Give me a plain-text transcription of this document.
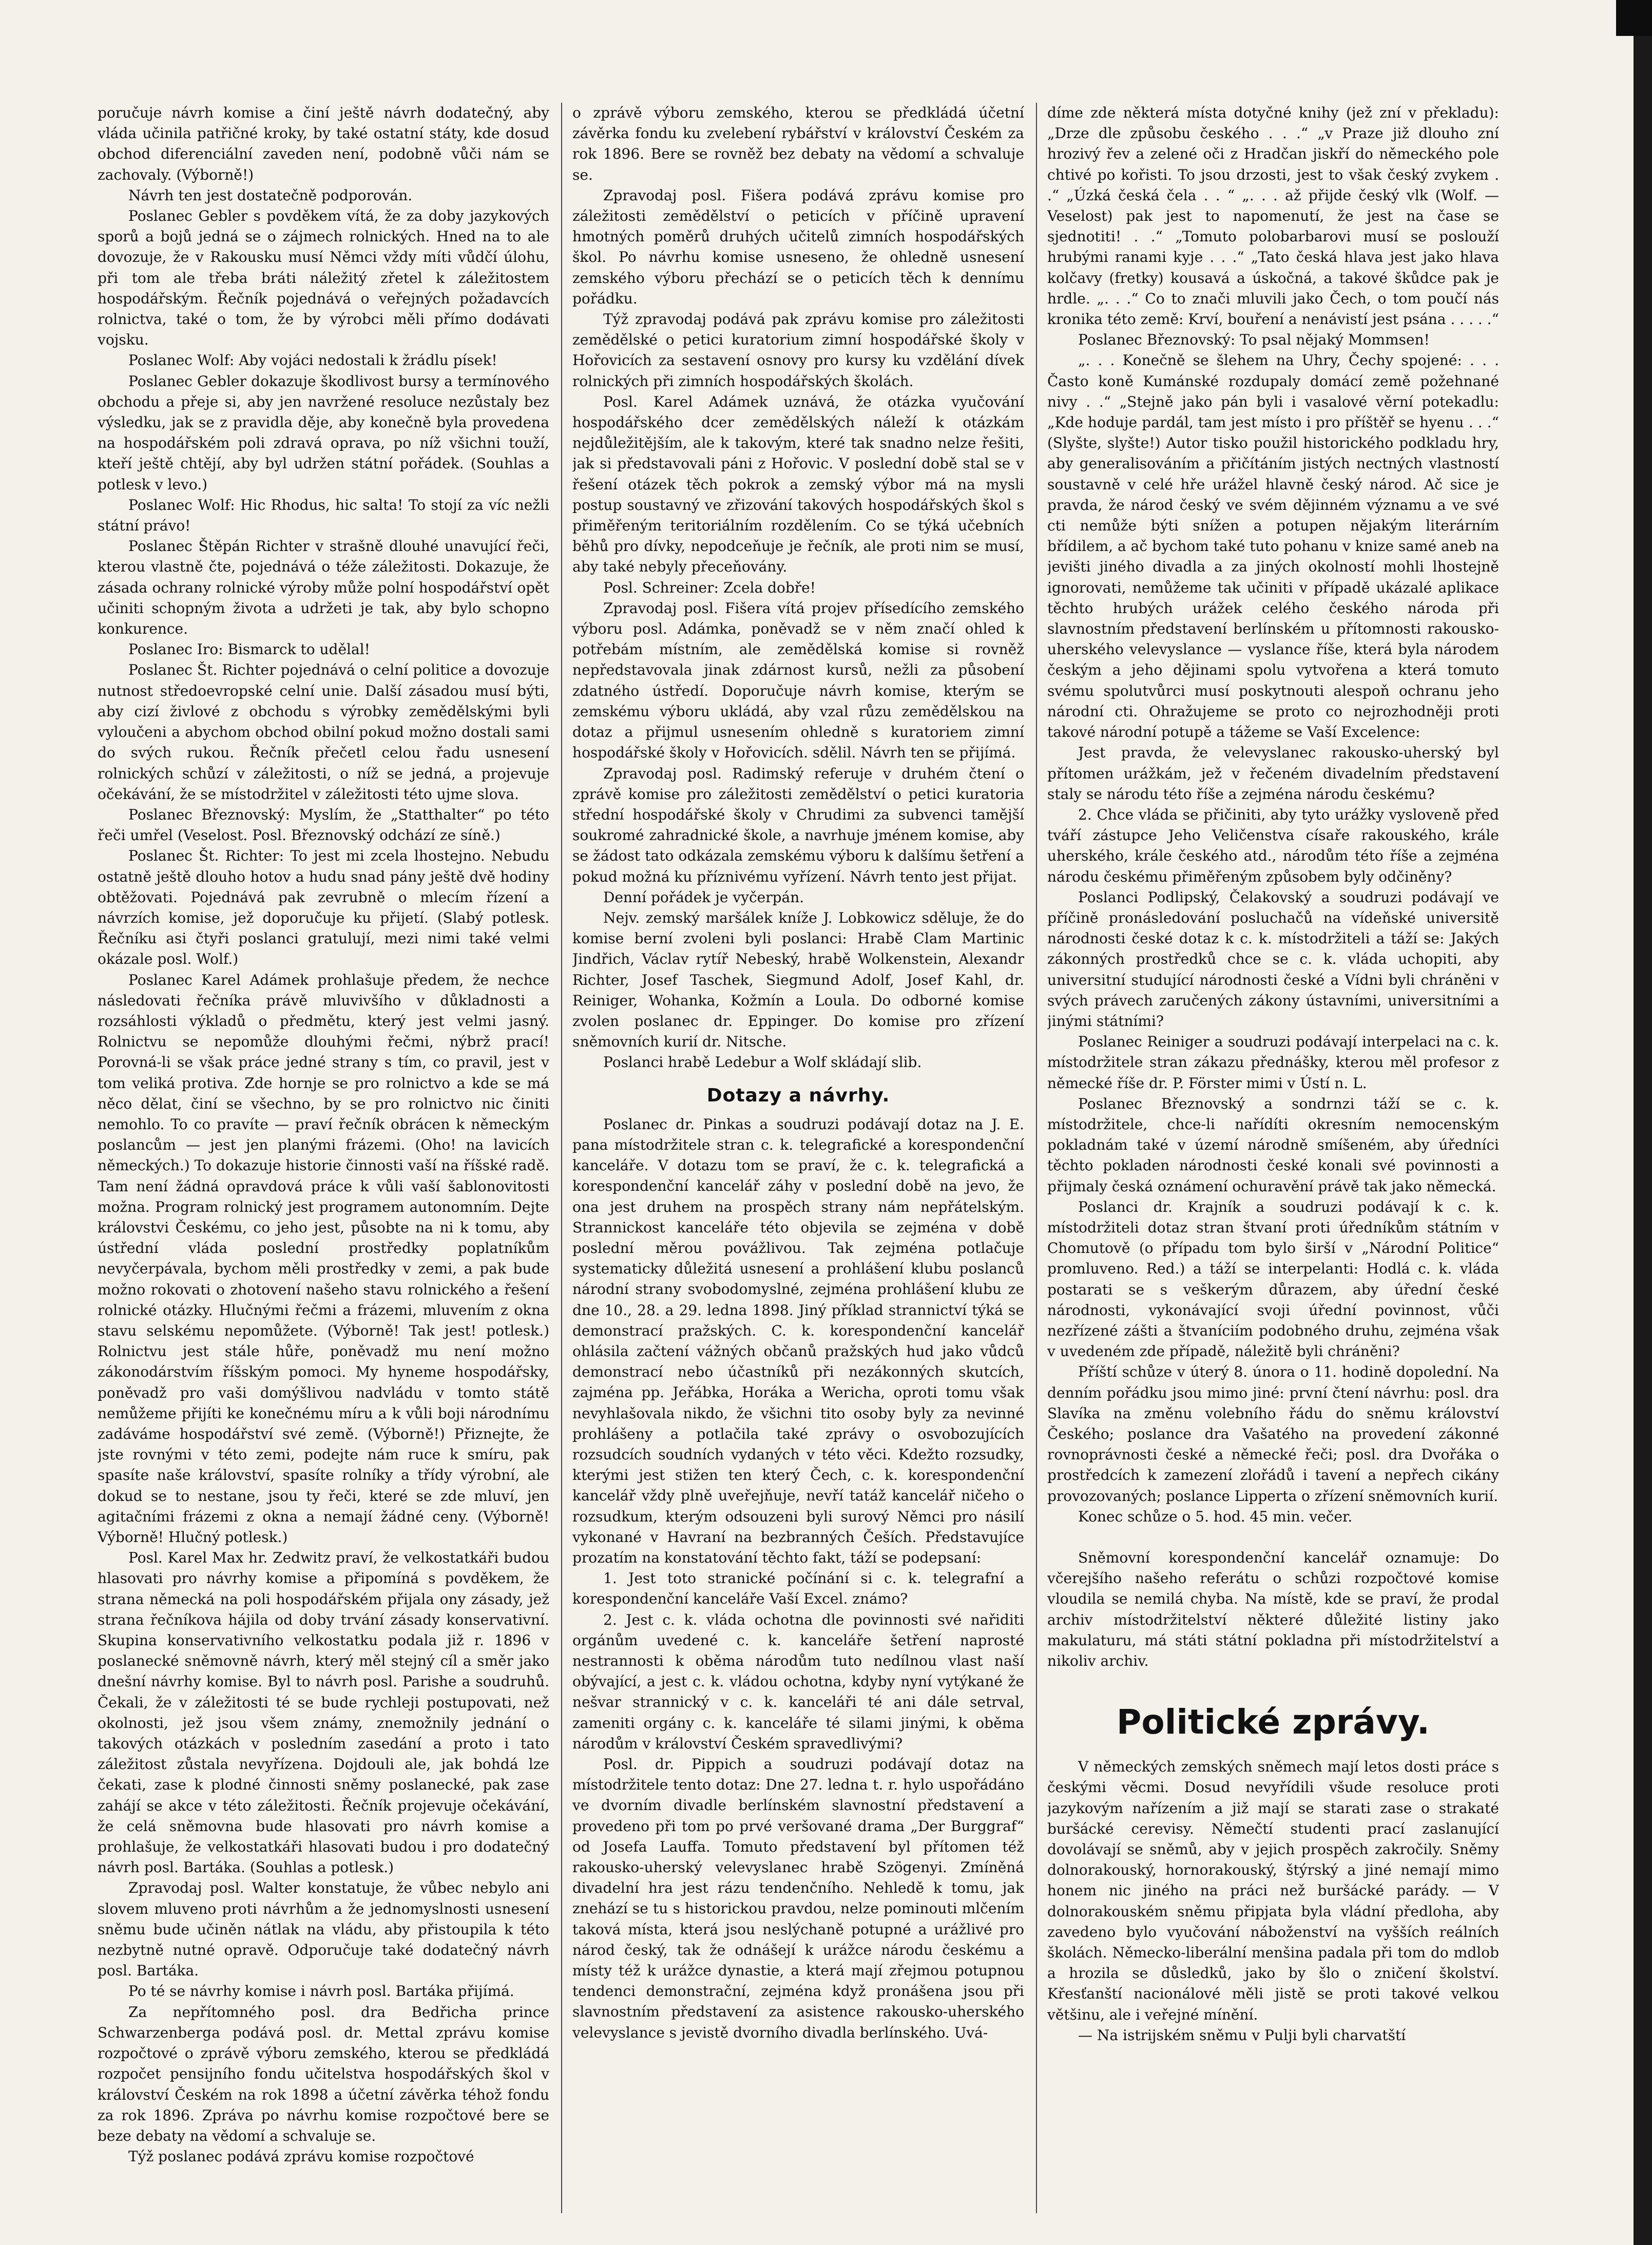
poručuje návrh komise a činí ještě návrh dodatečný, aby vláda učinila patřičné kroky, by také ostatní státy, kde dosud obchod diferenciální zaveden není, podobně vůči nám se zachovaly. (Výborně!)

Návrh ten jest dostatečně podporován.

Poslanec Gebler s povděkem vítá, že za doby jazykových sporů a bojů jedná se o zájmech rolnických. Hned na to ale dovozuje, že v Rakousku musí Němci vždy míti vůdčí úlohu, při tom ale třeba bráti náležitý zřetel k záležitostem hospodářským. Řečník pojednává o veřejných požadavcích rolnictva, také o tom, že by výrobci měli přímo dodávati vojsku.

Poslanec Wolf: Aby vojáci nedostali k žrádlu písek!

Poslanec Gebler dokazuje škodlivost bursy a termínového obchodu a přeje si, aby jen navržené resoluce nezůstaly bez výsledku, jak se z pravidla děje, aby konečně byla provedena na hospodářském poli zdravá oprava, po níž všichni touží, kteří ještě chtějí, aby byl udržen státní pořádek. (Souhlas a potlesk v levo.)

Poslanec Wolf: Hic Rhodus, hic salta! To stojí za víc nežli státní právo!

Poslanec Štěpán Richter v strašně dlouhé unavující řeči, kterou vlastně čte, pojednává o téže záležitosti. Dokazuje, že zásada ochrany rolnické výroby může polní hospodářství opět učiniti schopným života a udržeti je tak, aby bylo schopno konkurence.

Poslanec Iro: Bismarck to udělal!

Poslanec Št. Richter pojednává o celní politice a dovozuje nutnost středoevropské celní unie. Další zásadou musí býti, aby cizí živlové z obchodu s výrobky zemědělskými byli vyloučeni a abychom obchod obilní pokud možno dostali sami do svých rukou. Řečník přečetl celou řadu usnesení rolnických schůzí v záležitosti, o níž se jedná, a projevuje očekávání, že se místodržitel v záležitosti této ujme slova.

Poslanec Březnovský: Myslím, že „Statthalter“ po této řeči umřel (Veselost. Posl. Březnovský odchází ze síně.)

Poslanec Št. Richter: To jest mi zcela lhostejno. Nebudu ostatně ještě dlouho hotov a hudu snad pány ještě dvě hodiny obtěžovati. Pojednává pak zevrubně o mlecím řízení a návrzích komise, jež doporučuje ku přijetí. (Slabý potlesk. Řečníku asi čtyři poslanci gratulují, mezi nimi také velmi okázale posl. Wolf.)

Poslanec Karel Adámek prohlašuje předem, že nechce následovati řečníka právě mluvivšího v důkladnosti a rozsáhlosti výkladů o předmětu, který jest velmi jasný. Rolnictvu se nepomůže dlouhými řečmi, nýbrž prací! Porovná-li se však práce jedné strany s tím, co pravil, jest v tom veliká protiva. Zde hornje se pro rolnictvo a kde se má něco dělat, činí se všechno, by se pro rolnictvo nic činiti nemohlo. To co pravíte — praví řečník obrácen k německým poslancům — jest jen planými frázemi. (Oho! na lavicích německých.) To dokazuje historie činnosti vaší na říšské radě. Tam není žádná opravdová práce k vůli vaší šablonovitosti možna. Program rolnický jest programem autonomním. Dejte královstvi Českému, co jeho jest, působte na ni k tomu, aby ústřední vláda poslední prostředky poplatníkům nevyčerpávala, bychom měli prostředky v zemi, a pak bude možno rokovati o zhotovení našeho stavu rolnického a řešení rolnické otázky. Hlučnými řečmi a frázemi, mluvením z okna stavu selskému nepomůžete. (Výborně! Tak jest! potlesk.) Rolnictvu jest stále hůře, poněvadž mu není možno zákonodárstvím říšským pomoci. My hyneme hospodářsky, poněvadž pro vaši domýšlivou nadvládu v tomto státě nemůžeme přijíti ke konečnému míru a k vůli boji národnímu zadáváme hospodářství své země. (Výborně!) Přiznejte, že jste rovnými v této zemi, podejte nám ruce k smíru, pak spasíte naše království, spasíte rolníky a třídy výrobní, ale dokud se to nestane, jsou ty řeči, které se zde mluví, jen agitačními frázemi z okna a nemají žádné ceny. (Výborně! Výborně! Hlučný potlesk.)

Posl. Karel Max hr. Zedwitz praví, že velkostatkáři budou hlasovati pro návrhy komise a připomíná s povděkem, že strana německá na poli hospodářském přijala ony zásady, jež strana řečníkova hájila od doby trvání zásady konservativní. Skupina konservativního velkostatku podala již r. 1896 v poslanecké sněmovně návrh, který měl stejný cíl a směr jako dnešní návrhy komise. Byl to návrh posl. Parishe a soudruhů. Čekali, že v záležitosti té se bude rychleji postupovati, než okolnosti, jež jsou všem známy, znemožnily jednání o takových otázkách v posledním zasedání a proto i tato záležitost zůstala nevyřízena. Dojdouli ale, jak bohdá lze čekati, zase k plodné činnosti sněmy poslanecké, pak zase zahájí se akce v této záležitosti. Řečník projevuje očekávání, že celá sněmovna bude hlasovati pro návrh komise a prohlašuje, že velkostatkáři hlasovati budou i pro dodatečný návrh posl. Bartáka. (Souhlas a potlesk.)

Zpravodaj posl. Walter konstatuje, že vůbec nebylo ani slovem mluveno proti návrhům a že jednomyslnosti usnesení sněmu bude učiněn nátlak na vládu, aby přistoupila k této nezbytně nutné opravě. Odporučuje také dodatečný návrh posl. Bartáka.

Po té se návrhy komise i návrh posl. Bartáka přijímá.

Za nepřítomného posl. dra Bedřicha prince Schwarzenberga podává posl. dr. Mettal zprávu komise rozpočtové o zprávě výboru zemského, kterou se předkládá rozpočet pensijního fondu učitelstva hospodářských škol v království Českém na rok 1898 a účetní závěrka téhož fondu za rok 1896. Zpráva po návrhu komise rozpočtové bere se beze debaty na vědomí a schvaluje se.

Týž poslanec podává zprávu komise rozpočtové

o zprávě výboru zemského, kterou se předkládá účetní závěrka fondu ku zvelebení rybářství v království Českém za rok 1896. Bere se rovněž bez debaty na vědomí a schvaluje se.

Zpravodaj posl. Fišera podává zprávu komise pro záležitosti zemědělství o peticích v příčině upravení hmotných poměrů druhých učitelů zimních hospodářských škol. Po návrhu komise usneseno, že ohledně usnesení zemského výboru přechází se o peticích těch k dennímu pořádku.

Týž zpravodaj podává pak zprávu komise pro záležitosti zemědělské o petici kuratorium zimní hospodářské školy v Hořovicích za sestavení osnovy pro kursy ku vzdělání dívek rolnických při zimních hospodářských školách.

Posl. Karel Adámek uznává, že otázka vyučování hospodářského dcer zemědělských náleží k otázkám nejdůležitějším, ale k takovým, které tak snadno nelze řešiti, jak si představovali páni z Hořovic. V poslední době stal se v řešení otázek těch pokrok a zemský výbor má na mysli postup soustavný ve zřizování takových hospodářských škol s přiměřeným teritoriálním rozdělením. Co se týká učebních běhů pro dívky, nepodceňuje je řečník, ale proti nim se musí, aby také nebyly přeceňovány.

Posl. Schreiner: Zcela dobře!

Zpravodaj posl. Fišera vítá projev přísedícího zemského výboru posl. Adámka, poněvadž se v něm značí ohled k potřebám místním, ale zemědělská komise si rovněž nepředstavovala jinak zdárnost kursů, nežli za působení zdatného ústředí. Doporučuje návrh komise, kterým se zemskému výboru ukládá, aby vzal růzu zemědělskou na dotaz a přijmul usnesením ohledně s kuratoriem zimní hospodářské školy v Hořovicích. sdělil. Návrh ten se přijímá.

Zpravodaj posl. Radimský referuje v druhém čtení o zprávě komise pro záležitosti zemědělství o petici kuratoria střední hospodářské školy v Chrudimi za subvenci tamější soukromé zahradnické škole, a navrhuje jménem komise, aby se žádost tato odkázala zemskému výboru k dalšímu šetření a pokud možná ku příznivému vyřízení. Návrh tento jest přijat.

Denní pořádek je vyčerpán.

Nejv. zemský maršálek kníže J. Lobkowicz sděluje, že do komise berní zvoleni byli poslanci: Hrabě Clam Martinic Jindřich, Václav rytíř Nebeský, hrabě Wolkenstein, Alexandr Richter, Josef Taschek, Siegmund Adolf, Josef Kahl, dr. Reiniger, Wohanka, Kožmín a Loula. Do odborné komise zvolen poslanec dr. Eppinger. Do komise pro zřízení sněmovních kurií dr. Nitsche.

Poslanci hrabě Ledebur a Wolf skládají slib.

Dotazy a návrhy.

Poslanec dr. Pinkas a soudruzi podávají dotaz na J. E. pana místodržitele stran c. k. telegrafické a korespondenční kanceláře. V dotazu tom se praví, že c. k. telegrafická a korespondenční kancelář záhy v poslední době na jevo, že ona jest druhem na prospěch strany nám nepřátelským. Strannickost kanceláře této objevila se zejména v době poslední měrou povážlivou. Tak zejména potlačuje systematicky důležitá usnesení a prohlášení klubu poslanců národní strany svobodomyslné, zejména prohlášení klubu ze dne 10., 28. a 29. ledna 1898. Jiný příklad strannictví týká se demonstrací pražských. C. k. korespondenční kancelář ohlásila začtení vážných občanů pražských hud jako vůdců demonstrací nebo účastníků při nezákonných skutcích, zajména pp. Jeřábka, Horáka a Wericha, oproti tomu však nevyhlašovala nikdo, že všichni tito osoby byly za nevinné prohlášeny a potlačila také zprávy o osvobozujících rozsudcích soudních vydaných v této věci. Kdežto rozsudky, kterými jest stižen ten který Čech, c. k. korespondenční kancelář vždy plně uveřejňuje, nevří tatáž kancelář ničeho o rozsudkum, kterým odsouzeni byli surový Němci pro násilí vykonané v Havraní na bezbranných Češích. Představujíce prozatím na konstatování těchto fakt, táží se podepsaní:

1. Jest toto stranické počínání si c. k. telegrafní a korespondenční kanceláře Vaší Excel. známo?

2. Jest c. k. vláda ochotna dle povinnosti své nařiditi orgánům uvedené c. k. kanceláře šetření naprosté nestrannosti k oběma národům tuto nedílnou vlast naší obývající, a jest c. k. vládou ochotna, kdyby nyní vytýkané že nešvar strannický v c. k. kanceláři té ani dále setrval, zameniti orgány c. k. kanceláře té silami jinými, k oběma národům v království Českém spravedlivými?

Posl. dr. Pippich a soudruzi podávají dotaz na místodržitele tento dotaz: Dne 27. ledna t. r. hylo uspořádáno ve dvorním divadle berlínském slavnostní představení a provedeno při tom po prvé veršované drama „Der Burggraf“ od Josefa Lauffa. Tomuto představení byl přítomen též rakousko-uherský velevyslanec hrabě Szögenyi. Zmíněná divadelní hra jest rázu tendenčního. Nehledě k tomu, jak znehází se tu s historickou pravdou, nelze pominouti mlčením taková místa, která jsou neslýchaně potupné a urážlivé pro národ český, tak že odnášejí k urážce národu českému a místy též k urážce dynastie, a která mají zřejmou potupnou tendenci demonstrační, zejména když pronášena jsou při slavnostním představení za asistence rakousko-uherského velevyslance s jevistě dvorního divadla berlínského. Uvá-

díme zde některá místa dotyčné knihy (jež zní v překladu): „Drze dle způsobu českého . . .“ „v Praze již dlouho zní hrozivý řev a zelené oči z Hradčan jiskří do německého pole chtivé po kořisti. To jsou drzosti, jest to však český zvykem . .“ „Úzká česká čela . . “ „. . . až přijde český vlk (Wolf. — Veselost) pak jest to napomenutí, že jest na čase se sjednotiti! . .“ „Tomuto polobarbarovi musí se poslouží hrubými ranami kyje . . .“ „Tato česká hlava jest jako hlava kolčavy (fretky) kousavá a úskočná, a takové škůdce pak je hrdle. „. . .“ Co to znači mluvili jako Čech, o tom poučí nás kronika této země: Krví, bouření a nenávistí jest psána . . . . .“

Poslanec Březnovský: To psal nějaký Mommsen!

„. . . Konečně se šlehem na Uhry, Čechy spojené: . . . Často koně Kumánské rozdupaly domácí země požehnané nivy . .“ „Stejně jako pán byli i vasalové věrní potekadlu: „Kde hoduje pardál, tam jest místo i pro příštěř se hyenu . . .“ (Slyšte, slyšte!) Autor tisko použil historického podkladu hry, aby generalisováním a přičítáním jistých nectných vlastností soustavně v celé hře urážel hlavně český národ. Ač sice je pravda, že národ český ve svém dějinném významu a ve své cti nemůže býti snížen a potupen nějakým literárním břídilem, a ač bychom také tuto pohanu v knize samé aneb na jevišti jiného divadla a za jiných okolností mohli lhostejně ignorovati, nemůžeme tak učiniti v případě ukázalé aplikace těchto hrubých urážek celého českého národa při slavnostním představení berlínském u přítomnosti rakousko-uherského velevyslance — vyslance říše, která byla národem českým a jeho dějinami spolu vytvořena a která tomuto svému spolutvůrci musí poskytnouti alespoň ochranu jeho národní cti. Ohražujeme se proto co nejrozhodněji proti takové národní potupě a tážeme se Vaší Excelence:

Jest pravda, že velevyslanec rakousko-uherský byl přítomen urážkám, jež v řečeném divadelním představení staly se národu této říše a zejména národu českému?

2. Chce vláda se přičiniti, aby tyto urážky vysloveně před tváří zástupce Jeho Veličenstva císaře rakouského, krále uherského, krále českého atd., národům této říše a zejména národu českému přiměřeným způsobem byly odčiněny?

Poslanci Podlipský, Čelakovský a soudruzi podávají ve příčině pronásledování posluchačů na vídeňské universitě národnosti české dotaz k c. k. místodržiteli a táží se: Jakých zákonných prostředků chce se c. k. vláda uchopiti, aby universitní studující národnosti české a Vídni byli chráněni v svých právech zaručených zákony ústavními, universitními a jinými státními?

Poslanec Reiniger a soudruzi podávají interpelaci na c. k. místodržitele stran zákazu přednášky, kterou měl profesor z německé říše dr. P. Förster mimi v Ústí n. L.

Poslanec Březnovský a sondrnzi táží se c. k. místodržitele, chce-li nařídíti okresním nemocenským pokladnám také v území národně smíšeném, aby úředníci těchto pokladen národnosti české konali své povinnosti a přijmaly česká oznámení ochuravění právě tak jako německá.

Poslanci dr. Krajník a soudruzi podávají k c. k. místodržiteli dotaz stran štvaní proti úředníkům státním v Chomutově (o případu tom bylo širší v „Národní Politice“ promluveno. Red.) a táží se interpelanti: Hodlá c. k. vláda postarati se s veškerým důrazem, aby úřední české národnosti, vykonávající svoji úřední povinnost, vůči nezřízené zášti a štvaníciím podobného druhu, zejména však v uvedeném zde případě, náležitě byli chráněni?

Příští schůze v úterý 8. února o 11. hodině dopolední. Na denním pořádku jsou mimo jiné: první čtení návrhu: posl. dra Slavíka na změnu volebního řádu do sněmu království Českého; poslance dra Vašatého na provedení zákonné rovnoprávnosti české a německé řeči; posl. dra Dvořáka o prostředcích k zamezení zlořádů i tavení a nepřech cikány provozovaných; poslance Lipperta o zřízení sněmovních kurií.

Konec schůze o 5. hod. 45 min. večer.

Sněmovní korespondenční kancelář oznamuje: Do včerejšího našeho referátu o schůzi rozpočtové komise vloudila se nemilá chyba. Na místě, kde se praví, že prodal archiv místodržitelství některé důležité listiny jako makulaturu, má státi státní pokladna při místodržitelství a nikoliv archiv.

Politické zprávy.

V německých zemských sněmech mají letos dosti práce s českými věcmi. Dosud nevyřídili všude resoluce proti jazykovým nařízením a již mají se starati zase o strakaté buršácké cerevisy. Němečtí studenti prací zaslanující dovolávají se sněmů, aby v jejich prospěch zakročily. Sněmy dolnorakouský, hornorakouský, štýrský a jiné nemají mimo honem nic jiného na práci než buršácké parády. — V dolnorakouském sněmu připjata byla vládní předloha, aby zavedeno bylo vyučování náboženství na vyšších reálních školách. Německo-liberální menšina padala při tom do mdlob a hrozila se důsledků, jako by šlo o zničení školství. Křesťanští nacionálové měli jistě se proti takové velkou většinu, ale i veřejné mínění.

— Na istrijském sněmu v Pulji byli charvatští
